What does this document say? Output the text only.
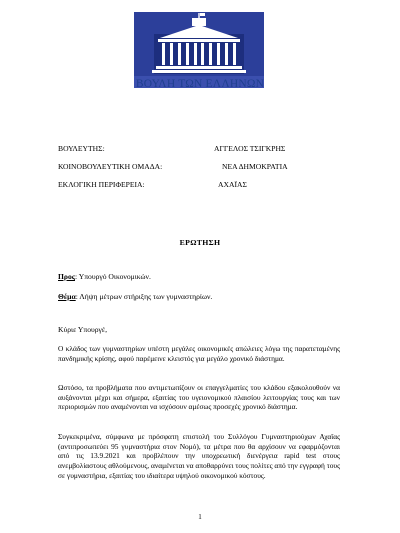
ΒΟΥΛΗ ΤΩΝ ΕΛΛΗΝΩΝ
ΒΟΥΛΕΥΤΗΣ:	ΑΓΓΕΛΟΣ ΤΣΙΓΚΡΗΣ
ΚΟΙΝΟΒΟΥΛΕΥΤΙΚΗ ΟΜΑΔΑ:	ΝΕΑ ΔΗΜΟΚΡΑΤΙΑ
ΕΚΛΟΓΙΚΗ ΠΕΡΙΦΕΡΕΙΑ:	ΑΧΑΪΑΣ
ΕΡΩΤΗΣΗ
Προς: Υπουργό Οικονομικών.
Θέμα: Λήψη μέτρων στήριξης των γυμναστηρίων.
Κύριε Υπουργέ,
Ο κλάδος των γυμναστηρίων υπέστη μεγάλες οικονομικές απώλειες λόγω της παρατεταμένης πανδημικής κρίσης, αφού παρέμεινε κλειστός για μεγάλο χρονικό διάστημα.
Ωστόσο, τα προβλήματα που αντιμετωπίζουν οι επαγγελματίες του κλάδου εξακολουθούν να αυξάνονται μέχρι και σήμερα, εξαιτίας του υγειονομικού πλαισίου λειτουργίας τους και των περιορισμών που αναμένονται να ισχύσουν αμέσως προσεχές χρονικό διάστημα.
Συγκεκριμένα, σύμφωνα με πρόσφατη επιστολή του Συλλόγου Γυμναστηριούχων Αχαΐας (αντιπροσωπεύει 95 γυμναστήρια στον Νομό), τα μέτρα που θα αρχίσουν να εφαρμόζονται από τις 13.9.2021 και προβλέπουν την υποχρεωτική διενέργεια rapid test στους ανεμβολίαστους αθλούμενους, αναμένεται να αποθαρρύνει τους πολίτες από την εγγραφή τους σε γυμναστήρια, εξαιτίας του ιδιαίτερα υψηλού οικονομικού κόστους.
1
